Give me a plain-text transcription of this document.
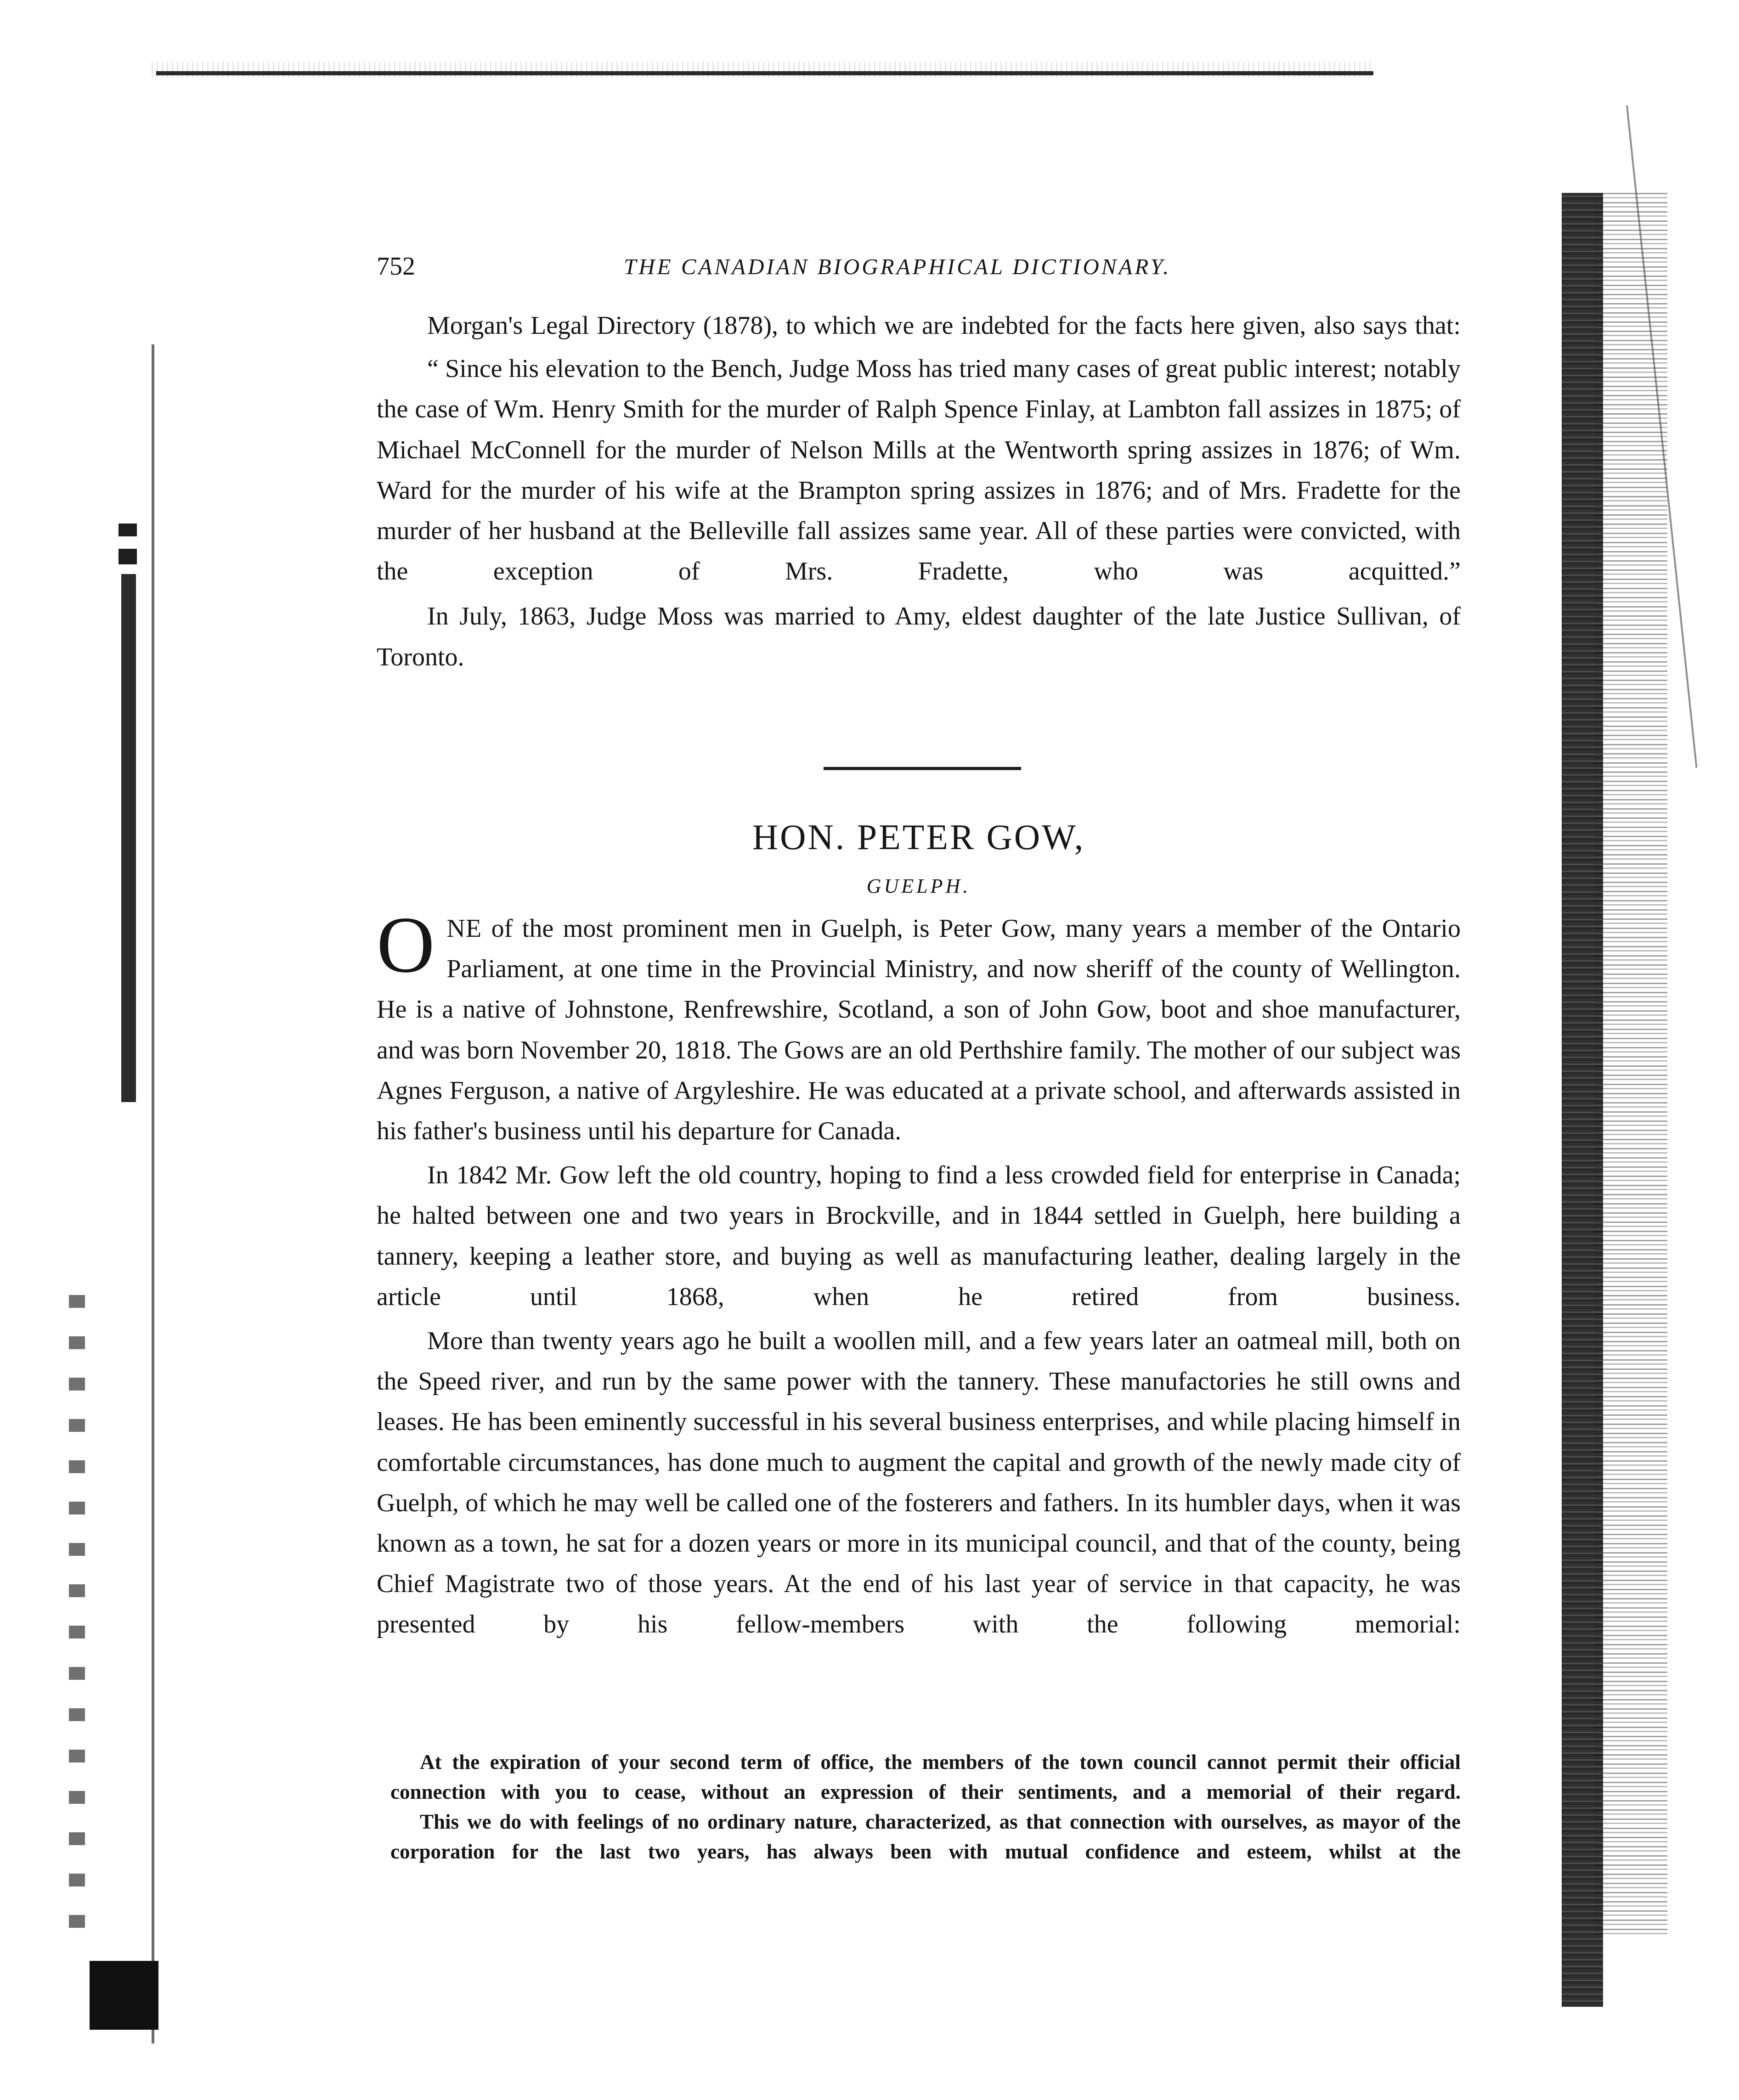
752	THE CANADIAN BIOGRAPHICAL DICTIONARY.

Morgan's Legal Directory (1878), to which we are indebted for the facts here given, also says that:

“ Since his elevation to the Bench, Judge Moss has tried many cases of great public interest; notably the case of Wm. Henry Smith for the murder of Ralph Spence Finlay, at Lambton fall assizes in 1875; of Michael McConnell for the murder of Nelson Mills at the Wentworth spring assizes in 1876; of Wm. Ward for the murder of his wife at the Brampton spring assizes in 1876; and of Mrs. Fradette for the murder of her husband at the Belleville fall assizes same year. All of these parties were convicted, with the exception of Mrs. Fradette, who was acquitted.”

In July, 1863, Judge Moss was married to Amy, eldest daughter of the late Justice Sullivan, of Toronto.

HON. PETER GOW,
GUELPH.

ONE of the most prominent men in Guelph, is Peter Gow, many years a member of the Ontario Parliament, at one time in the Provincial Ministry, and now sheriff of the county of Wellington. He is a native of Johnstone, Renfrewshire, Scotland, a son of John Gow, boot and shoe manufacturer, and was born November 20, 1818. The Gows are an old Perthshire family. The mother of our subject was Agnes Ferguson, a native of Argyleshire. He was educated at a private school, and afterwards assisted in his father's business until his departure for Canada.

In 1842 Mr. Gow left the old country, hoping to find a less crowded field for enterprise in Canada; he halted between one and two years in Brockville, and in 1844 settled in Guelph, here building a tannery, keeping a leather store, and buying as well as manufacturing leather, dealing largely in the article until 1868, when he retired from business.

More than twenty years ago he built a woollen mill, and a few years later an oatmeal mill, both on the Speed river, and run by the same power with the tannery. These manufactories he still owns and leases. He has been eminently successful in his several business enterprises, and while placing himself in comfortable circumstances, has done much to augment the capital and growth of the newly made city of Guelph, of which he may well be called one of the fosterers and fathers. In its humbler days, when it was known as a town, he sat for a dozen years or more in its municipal council, and that of the county, being Chief Magistrate two of those years. At the end of his last year of service in that capacity, he was presented by his fellow-members with the following memorial:

At the expiration of your second term of office, the members of the town council cannot permit their official connection with you to cease, without an expression of their sentiments, and a memorial of their regard.

This we do with feelings of no ordinary nature, characterized, as that connection with ourselves, as mayor of the corporation for the last two years, has always been with mutual confidence and esteem, whilst at the
